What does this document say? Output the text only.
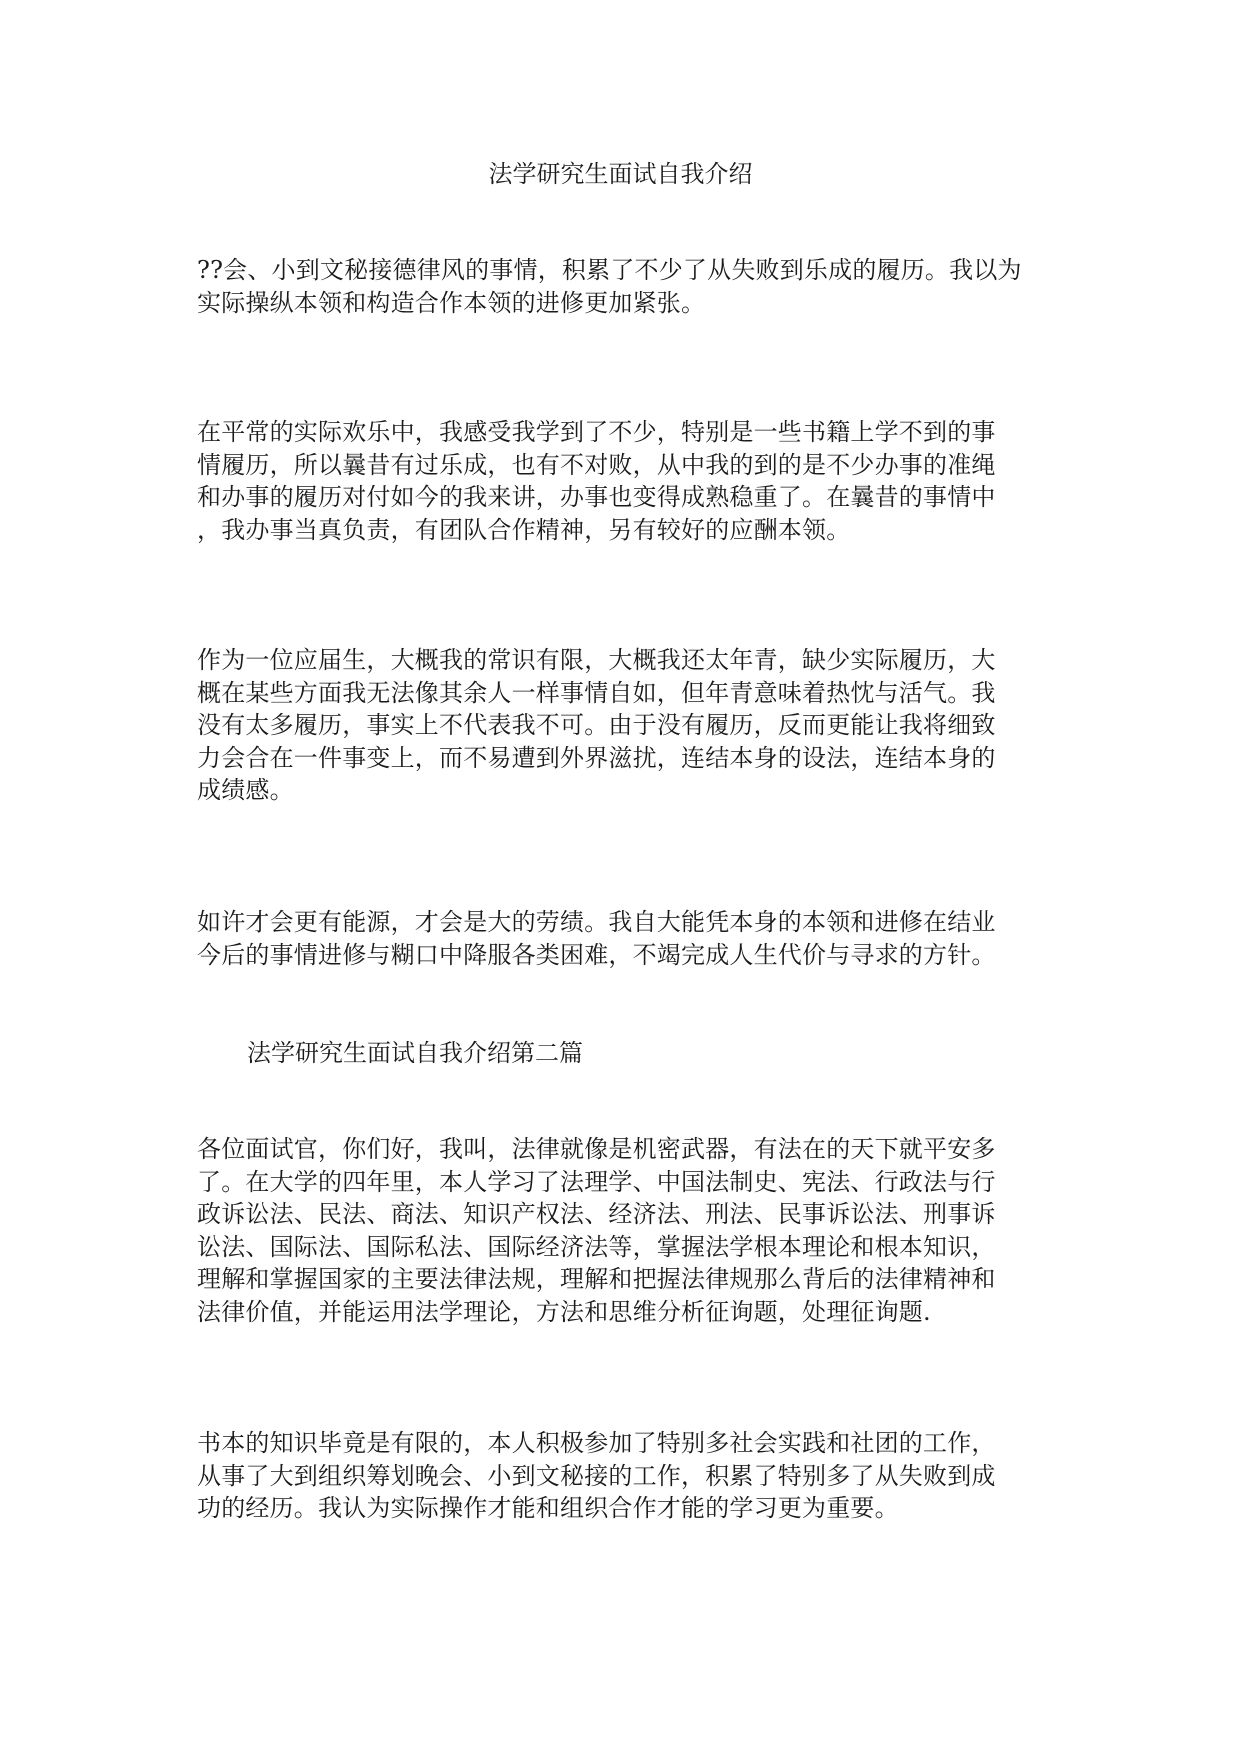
法学研究生面试自我介绍

??会、小到文秘接德律风的事情，积累了不少了从失败到乐成的履历。我以为
实际操纵本领和构造合作本领的进修更加紧张。

在平常的实际欢乐中，我感受我学到了不少，特别是一些书籍上学不到的事
情履历，所以曩昔有过乐成，也有不对败，从中我的到的是不少办事的准绳
和办事的履历对付如今的我来讲，办事也变得成熟稳重了。在曩昔的事情中
，我办事当真负责，有团队合作精神，另有较好的应酬本领。

作为一位应届生，大概我的常识有限，大概我还太年青，缺少实际履历，大
概在某些方面我无法像其余人一样事情自如，但年青意味着热忱与活气。我
没有太多履历，事实上不代表我不可。由于没有履历，反而更能让我将细致
力会合在一件事变上，而不易遭到外界滋扰，连结本身的设法，连结本身的
成绩感。

如许才会更有能源，才会是大的劳绩。我自大能凭本身的本领和进修在结业
今后的事情进修与糊口中降服各类困难，不竭完成人生代价与寻求的方针。

法学研究生面试自我介绍第二篇

各位面试官，你们好，我叫，法律就像是机密武器，有法在的天下就平安多
了。在大学的四年里，本人学习了法理学、中国法制史、宪法、行政法与行
政诉讼法、民法、商法、知识产权法、经济法、刑法、民事诉讼法、刑事诉
讼法、国际法、国际私法、国际经济法等，掌握法学根本理论和根本知识，
理解和掌握国家的主要法律法规，理解和把握法律规那么背后的法律精神和
法律价值，并能运用法学理论，方法和思维分析征询题，处理征询题.

书本的知识毕竟是有限的，本人积极参加了特别多社会实践和社团的工作，
从事了大到组织筹划晚会、小到文秘接的工作，积累了特别多了从失败到成
功的经历。我认为实际操作才能和组织合作才能的学习更为重要。
